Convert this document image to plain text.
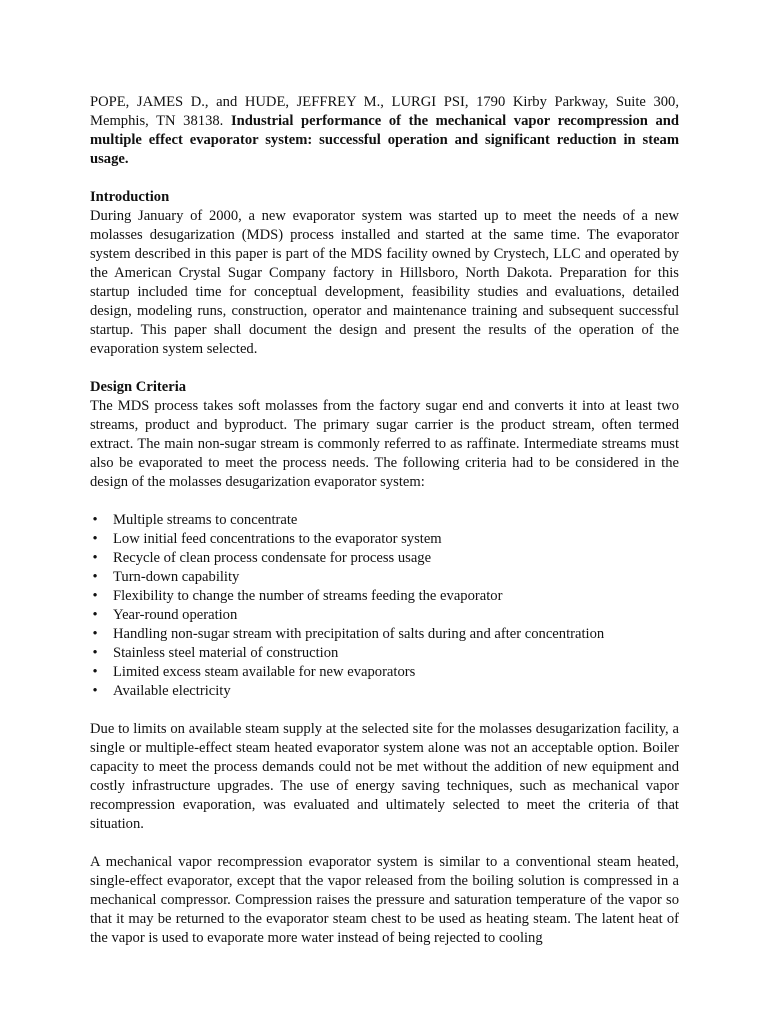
POPE, JAMES D., and HUDE, JEFFREY M., LURGI PSI, 1790 Kirby Parkway, Suite 300, Memphis, TN 38138. Industrial performance of the mechanical vapor recompression and multiple effect evaporator system: successful operation and significant reduction in steam usage.

Introduction

During January of 2000, a new evaporator system was started up to meet the needs of a new molasses desugarization (MDS) process installed and started at the same time. The evaporator system described in this paper is part of the MDS facility owned by Crystech, LLC and operated by the American Crystal Sugar Company factory in Hillsboro, North Dakota. Preparation for this startup included time for conceptual development, feasibility studies and evaluations, detailed design, modeling runs, construction, operator and maintenance training and subsequent successful startup. This paper shall document the design and present the results of the operation of the evaporation system selected.

Design Criteria

The MDS process takes soft molasses from the factory sugar end and converts it into at least two streams, product and byproduct. The primary sugar carrier is the product stream, often termed extract. The main non-sugar stream is commonly referred to as raffinate. Intermediate streams must also be evaporated to meet the process needs. The following criteria had to be considered in the design of the molasses desugarization evaporator system:

• Multiple streams to concentrate
• Low initial feed concentrations to the evaporator system
• Recycle of clean process condensate for process usage
• Turn-down capability
• Flexibility to change the number of streams feeding the evaporator
• Year-round operation
• Handling non-sugar stream with precipitation of salts during and after concentration
• Stainless steel material of construction
• Limited excess steam available for new evaporators
• Available electricity

Due to limits on available steam supply at the selected site for the molasses desugarization facility, a single or multiple-effect steam heated evaporator system alone was not an acceptable option. Boiler capacity to meet the process demands could not be met without the addition of new equipment and costly infrastructure upgrades. The use of energy saving techniques, such as mechanical vapor recompression evaporation, was evaluated and ultimately selected to meet the criteria of that situation.

A mechanical vapor recompression evaporator system is similar to a conventional steam heated, single-effect evaporator, except that the vapor released from the boiling solution is compressed in a mechanical compressor. Compression raises the pressure and saturation temperature of the vapor so that it may be returned to the evaporator steam chest to be used as heating steam. The latent heat of the vapor is used to evaporate more water instead of being rejected to cooling
